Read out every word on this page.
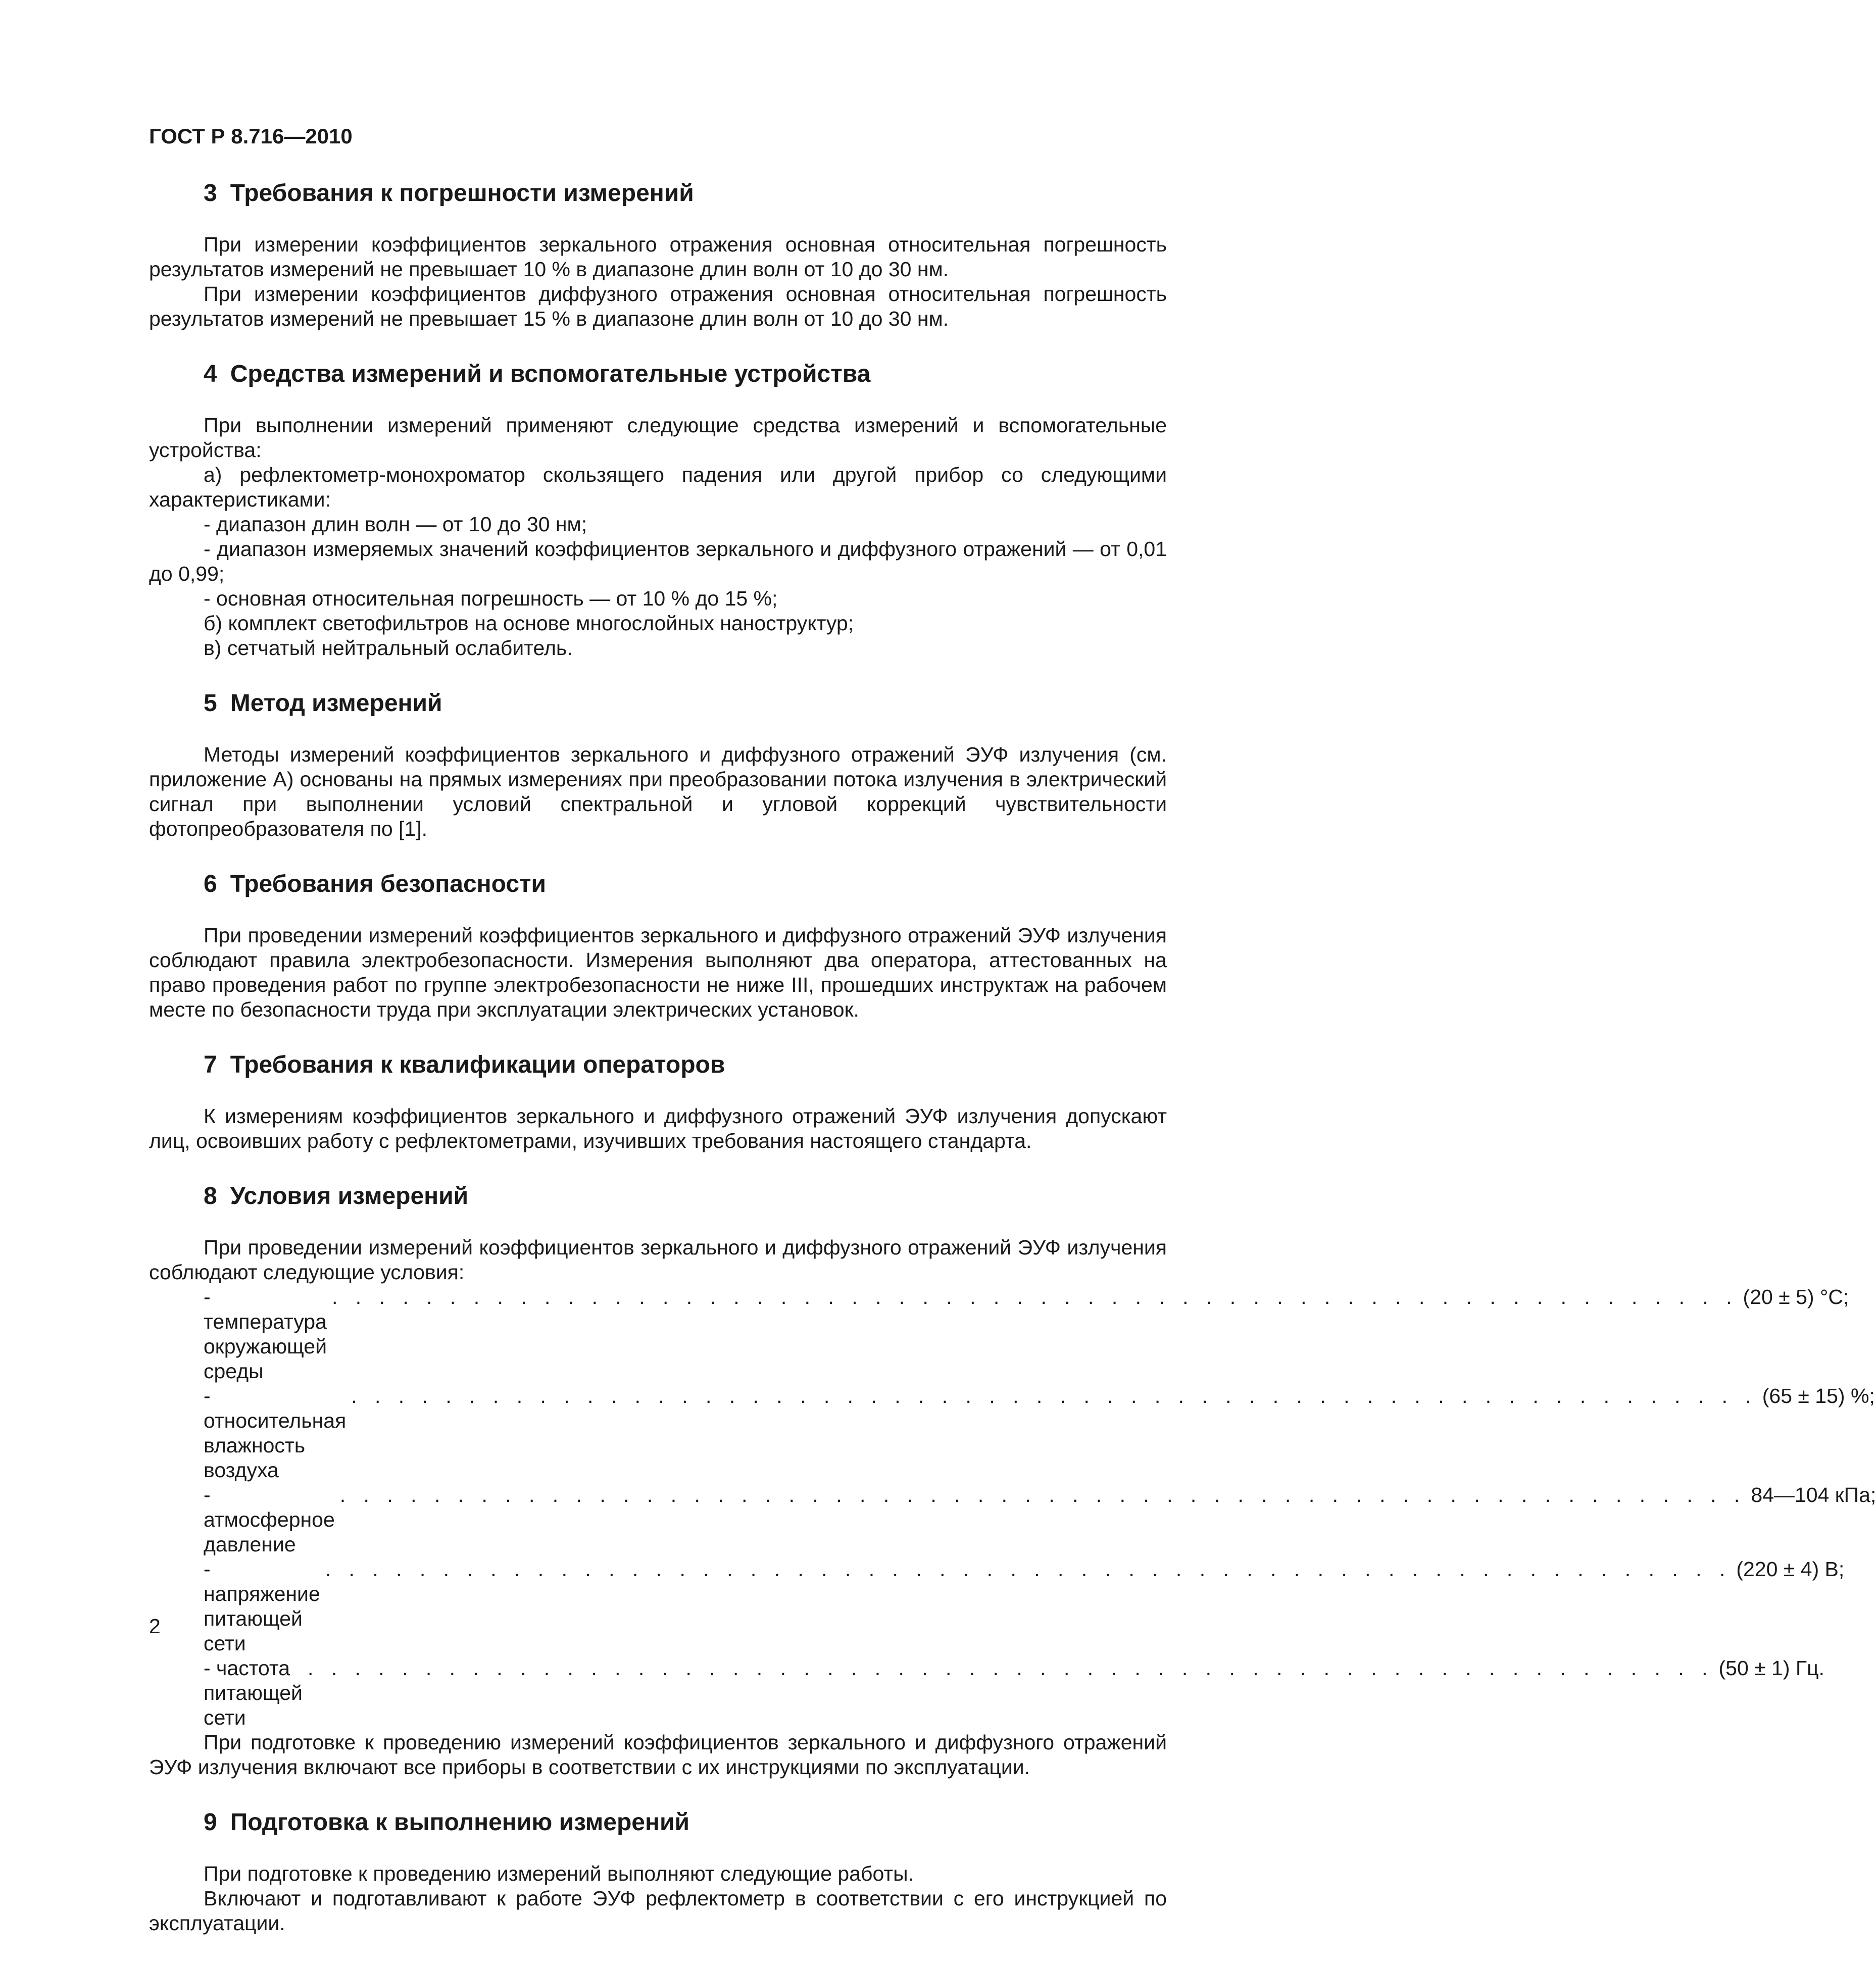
ГОСТ Р 8.716—2010
3 Требования к погрешности измерений

При измерении коэффициентов зеркального отражения основная относительная погрешность результатов измерений не превышает 10 % в диапазоне длин волн от 10 до 30 нм.

При измерении коэффициентов диффузного отражения основная относительная погрешность результатов измерений не превышает 15 % в диапазоне длин волн от 10 до 30 нм.

4 Средства измерений и вспомогательные устройства

При выполнении измерений применяют следующие средства измерений и вспомогательные устройства:

а) рефлектометр-монохроматор скользящего падения или другой прибор со следующими характеристиками:

- диапазон длин волн — от 10 до 30 нм;

- диапазон измеряемых значений коэффициентов зеркального и диффузного отражений — от 0,01 до 0,99;

- основная относительная погрешность — от 10 % до 15 %;

б) комплект светофильтров на основе многослойных наноструктур;

в) сетчатый нейтральный ослабитель.

5 Метод измерений

Методы измерений коэффициентов зеркального и диффузного отражений ЭУФ излучения (см. приложение А) основаны на прямых измерениях при преобразовании потока излучения в электрический сигнал при выполнении условий спектральной и угловой коррекций чувствительности фотопреобразователя по [1].

6 Требования безопасности

При проведении измерений коэффициентов зеркального и диффузного отражений ЭУФ излучения соблюдают правила электробезопасности. Измерения выполняют два оператора, аттестованных на право проведения работ по группе электробезопасности не ниже III, прошедших инструктаж на рабочем месте по безопасности труда при эксплуатации электрических установок.

7 Требования к квалификации операторов

К измерениям коэффициентов зеркального и диффузного отражений ЭУФ излучения допускают лиц, освоивших работу с рефлектометрами, изучивших требования настоящего стандарта.

8 Условия измерений

При проведении измерений коэффициентов зеркального и диффузного отражений ЭУФ излучения соблюдают следующие условия:

- температура окружающей среды
. . . . . . . . . . . . . . . . . . . . . . . . . . . . . . . . . . . . . . . . . . . . . . . . . . . . . . . . . . . . (20 ± 5) °C;
- относительная влажность воздуха
. . . . . . . . . . . . . . . . . . . . . . . . . . . . . . . . . . . . . . . . . . . . . . . . . . . . . . . . . . . . (65 ± 15) %;
- атмосферное давление
. . . . . . . . . . . . . . . . . . . . . . . . . . . . . . . . . . . . . . . . . . . . . . . . . . . . . . . . . . . . 84—104 кПа;
- напряжение питающей сети
. . . . . . . . . . . . . . . . . . . . . . . . . . . . . . . . . . . . . . . . . . . . . . . . . . . . . . . . . . . . (220 ± 4) В;
- частота питающей сети
. . . . . . . . . . . . . . . . . . . . . . . . . . . . . . . . . . . . . . . . . . . . . . . . . . . . . . . . . . . . (50 ± 1) Гц.

При подготовке к проведению измерений коэффициентов зеркального и диффузного отражений ЭУФ излучения включают все приборы в соответствии с их инструкциями по эксплуатации.

9 Подготовка к выполнению измерений

При подготовке к проведению измерений выполняют следующие работы.

Включают и подготавливают к работе ЭУФ рефлектометр в соответствии с его инструкцией по эксплуатации.

2
